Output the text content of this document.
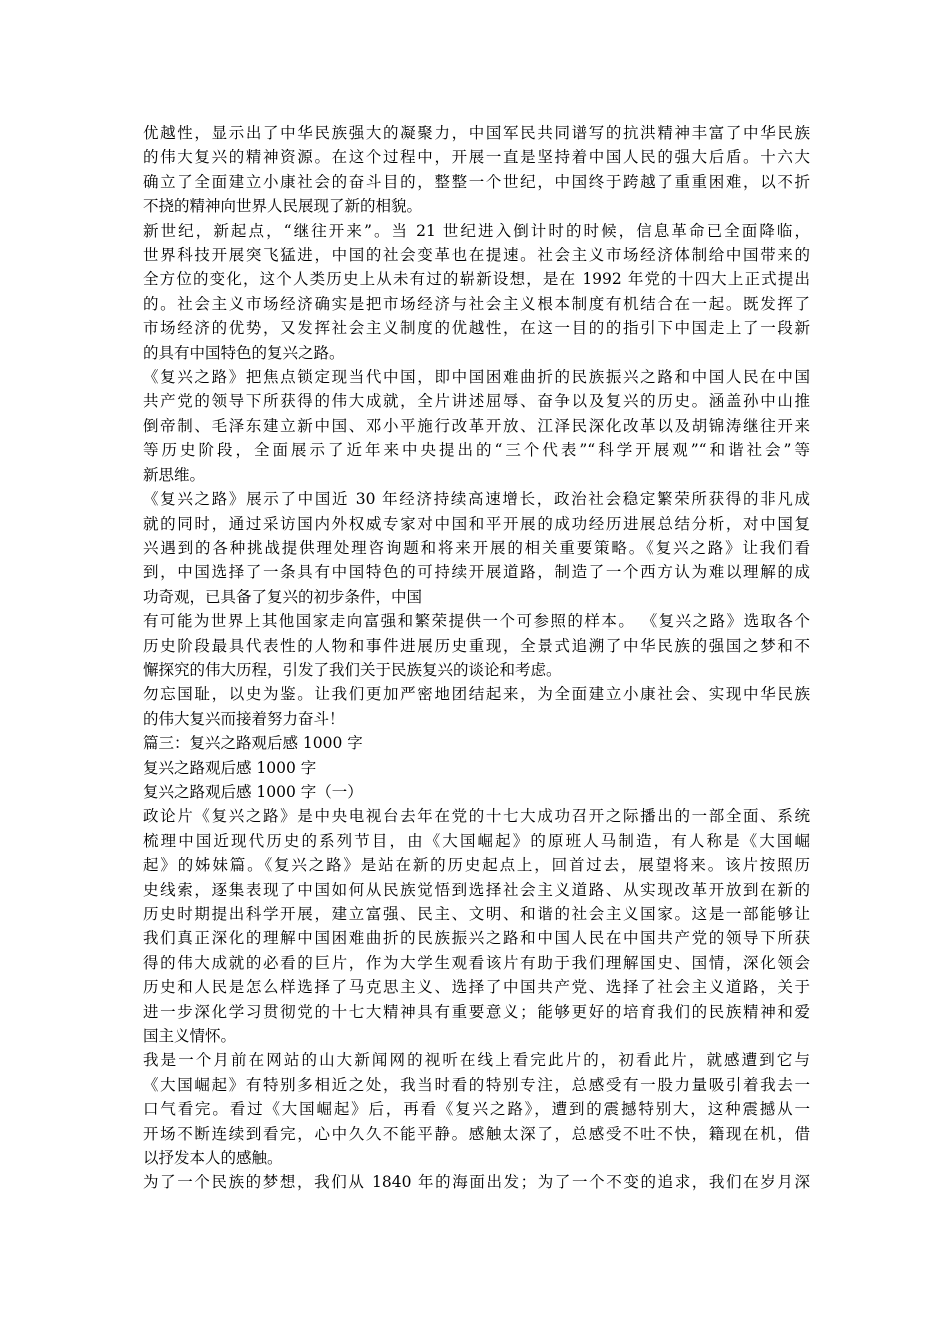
优越性，显示出了中华民族强大的凝聚力，中国军民共同谱写的抗洪精神丰富了中华民族
的伟大复兴的精神资源。在这个过程中，开展一直是坚持着中国人民的强大后盾。十六大
确立了全面建立小康社会的奋斗目的，整整一个世纪，中国终于跨越了重重困难，以不折
不挠的精神向世界人民展现了新的相貌。
新世纪，新起点，“继往开来”。当 21 世纪进入倒计时的时候，信息革命已全面降临，
世界科技开展突飞猛进，中国的社会变革也在提速。社会主义市场经济体制给中国带来的
全方位的变化，这个人类历史上从未有过的崭新设想，是在 1992 年党的十四大上正式提出
的。社会主义市场经济确实是把市场经济与社会主义根本制度有机结合在一起。既发挥了
市场经济的优势，又发挥社会主义制度的优越性，在这一目的的指引下中国走上了一段新
的具有中国特色的复兴之路。
《复兴之路》把焦点锁定现当代中国，即中国困难曲折的民族振兴之路和中国人民在中国
共产党的领导下所获得的伟大成就，全片讲述屈辱、奋争以及复兴的历史。涵盖孙中山推
倒帝制、毛泽东建立新中国、邓小平施行改革开放、江泽民深化改革以及胡锦涛继往开来
等历史阶段，全面展示了近年来中央提出的“三个代表”“科学开展观”“和谐社会”等
新思维。
《复兴之路》展示了中国近 30 年经济持续高速增长，政治社会稳定繁荣所获得的非凡成
就的同时，通过采访国内外权威专家对中国和平开展的成功经历进展总结分析，对中国复
兴遇到的各种挑战提供理处理咨询题和将来开展的相关重要策略。《复兴之路》让我们看
到，中国选择了一条具有中国特色的可持续开展道路，制造了一个西方认为难以理解的成
功奇观，已具备了复兴的初步条件，中国
有可能为世界上其他国家走向富强和繁荣提供一个可参照的样本。 《复兴之路》选取各个
历史阶段最具代表性的人物和事件进展历史重现，全景式追溯了中华民族的强国之梦和不
懈探究的伟大历程，引发了我们关于民族复兴的谈论和考虑。
勿忘国耻，以史为鉴。让我们更加严密地团结起来，为全面建立小康社会、实现中华民族
的伟大复兴而接着努力奋斗！
篇三：复兴之路观后感 1000 字
复兴之路观后感 1000 字
复兴之路观后感 1000 字（一）
政论片《复兴之路》是中央电视台去年在党的十七大成功召开之际播出的一部全面、系统
梳理中国近现代历史的系列节目，由《大国崛起》的原班人马制造，有人称是《大国崛
起》的姊妹篇。《复兴之路》是站在新的历史起点上，回首过去，展望将来。该片按照历
史线索，逐集表现了中国如何从民族觉悟到选择社会主义道路、从实现改革开放到在新的
历史时期提出科学开展，建立富强、民主、文明、和谐的社会主义国家。这是一部能够让
我们真正深化的理解中国困难曲折的民族振兴之路和中国人民在中国共产党的领导下所获
得的伟大成就的必看的巨片，作为大学生观看该片有助于我们理解国史、国情，深化领会
历史和人民是怎么样选择了马克思主义、选择了中国共产党、选择了社会主义道路，关于
进一步深化学习贯彻党的十七大精神具有重要意义；能够更好的培育我们的民族精神和爱
国主义情怀。
我是一个月前在网站的山大新闻网的视听在线上看完此片的，初看此片，就感遭到它与
《大国崛起》有特别多相近之处，我当时看的特别专注，总感受有一股力量吸引着我去一
口气看完。看过《大国崛起》后，再看《复兴之路》，遭到的震撼特别大，这种震撼从一
开场不断连续到看完，心中久久不能平静。感触太深了，总感受不吐不快，籍现在机，借
以抒发本人的感触。
为了一个民族的梦想，我们从 1840 年的海面出发；为了一个不变的追求，我们在岁月深
